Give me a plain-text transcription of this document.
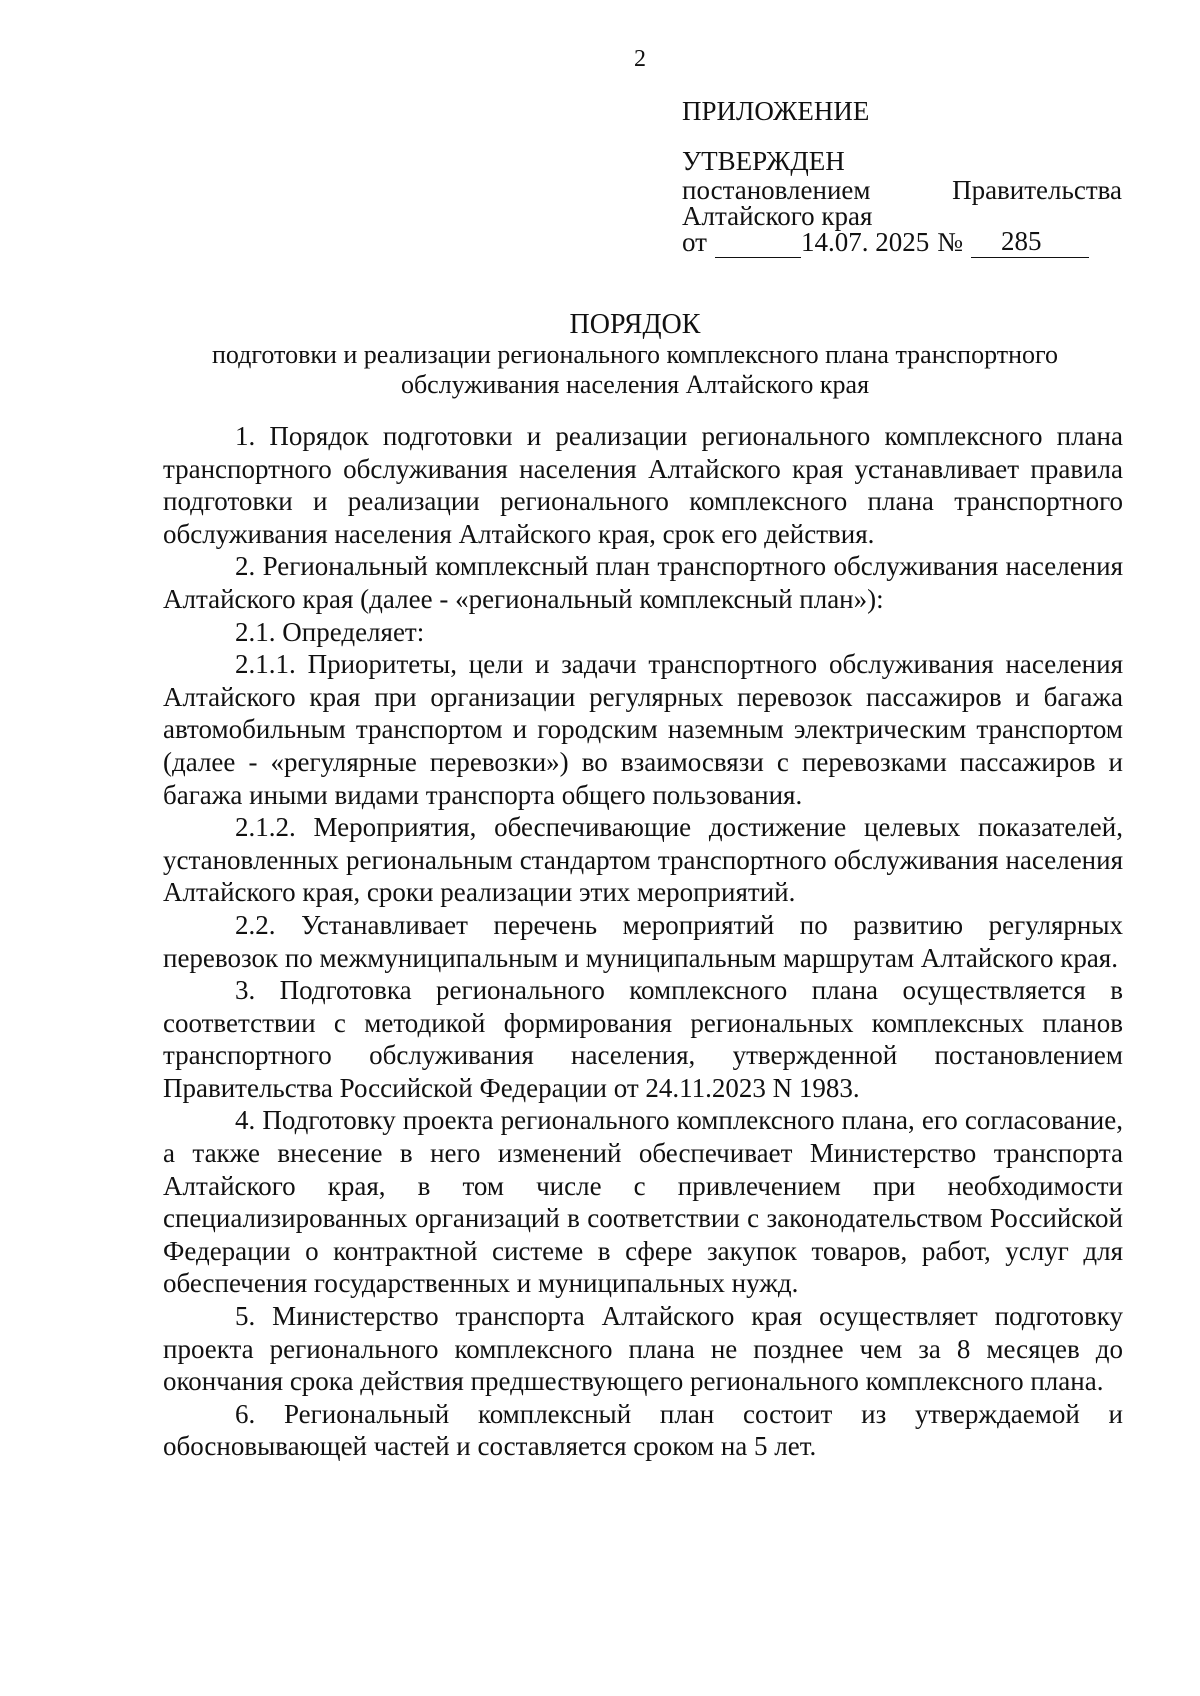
2
ПРИЛОЖЕНИЕ
УТВЕРЖДЕН
постановлением	Правительства
Алтайского края
от	14.07. 2025 № 285
ПОРЯДОК
подготовки и реализации регионального комплексного плана транспортного
обслуживания населения Алтайского края

1. Порядок подготовки и реализации регионального комплексного плана транспортного обслуживания населения Алтайского края устанавливает правила подготовки и реализации регионального комплексного плана транспортного обслуживания населения Алтайского края, срок его действия.

2. Региональный комплексный план транспортного обслуживания населения Алтайского края (далее - «региональный комплексный план»):

2.1. Определяет:

2.1.1. Приоритеты, цели и задачи транспортного обслуживания населения Алтайского края при организации регулярных перевозок пассажиров и багажа автомобильным транспортом и городским наземным электрическим транспортом (далее - «регулярные перевозки») во взаимосвязи с перевозками пассажиров и багажа иными видами транспорта общего пользования.

2.1.2. Мероприятия, обеспечивающие достижение целевых показателей, установленных региональным стандартом транспортного обслуживания населения Алтайского края, сроки реализации этих мероприятий.

2.2. Устанавливает перечень мероприятий по развитию регулярных перевозок по межмуниципальным и муниципальным маршрутам Алтайского края.

3. Подготовка регионального комплексного плана осуществляется в соответствии с методикой формирования региональных комплексных планов транспортного обслуживания населения, утвержденной постановлением Правительства Российской Федерации от 24.11.2023 N 1983.

4. Подготовку проекта регионального комплексного плана, его согласование, а также внесение в него изменений обеспечивает Министерство транспорта Алтайского края, в том числе с привлечением при необходимости специализированных организаций в соответствии с законодательством Российской Федерации о контрактной системе в сфере закупок товаров, работ, услуг для обеспечения государственных и муниципальных нужд.

5. Министерство транспорта Алтайского края осуществляет подготовку проекта регионального комплексного плана не позднее чем за 8 месяцев до окончания срока действия предшествующего регионального комплексного плана.

6. Региональный комплексный план состоит из утверждаемой и обосновывающей частей и составляется сроком на 5 лет.
